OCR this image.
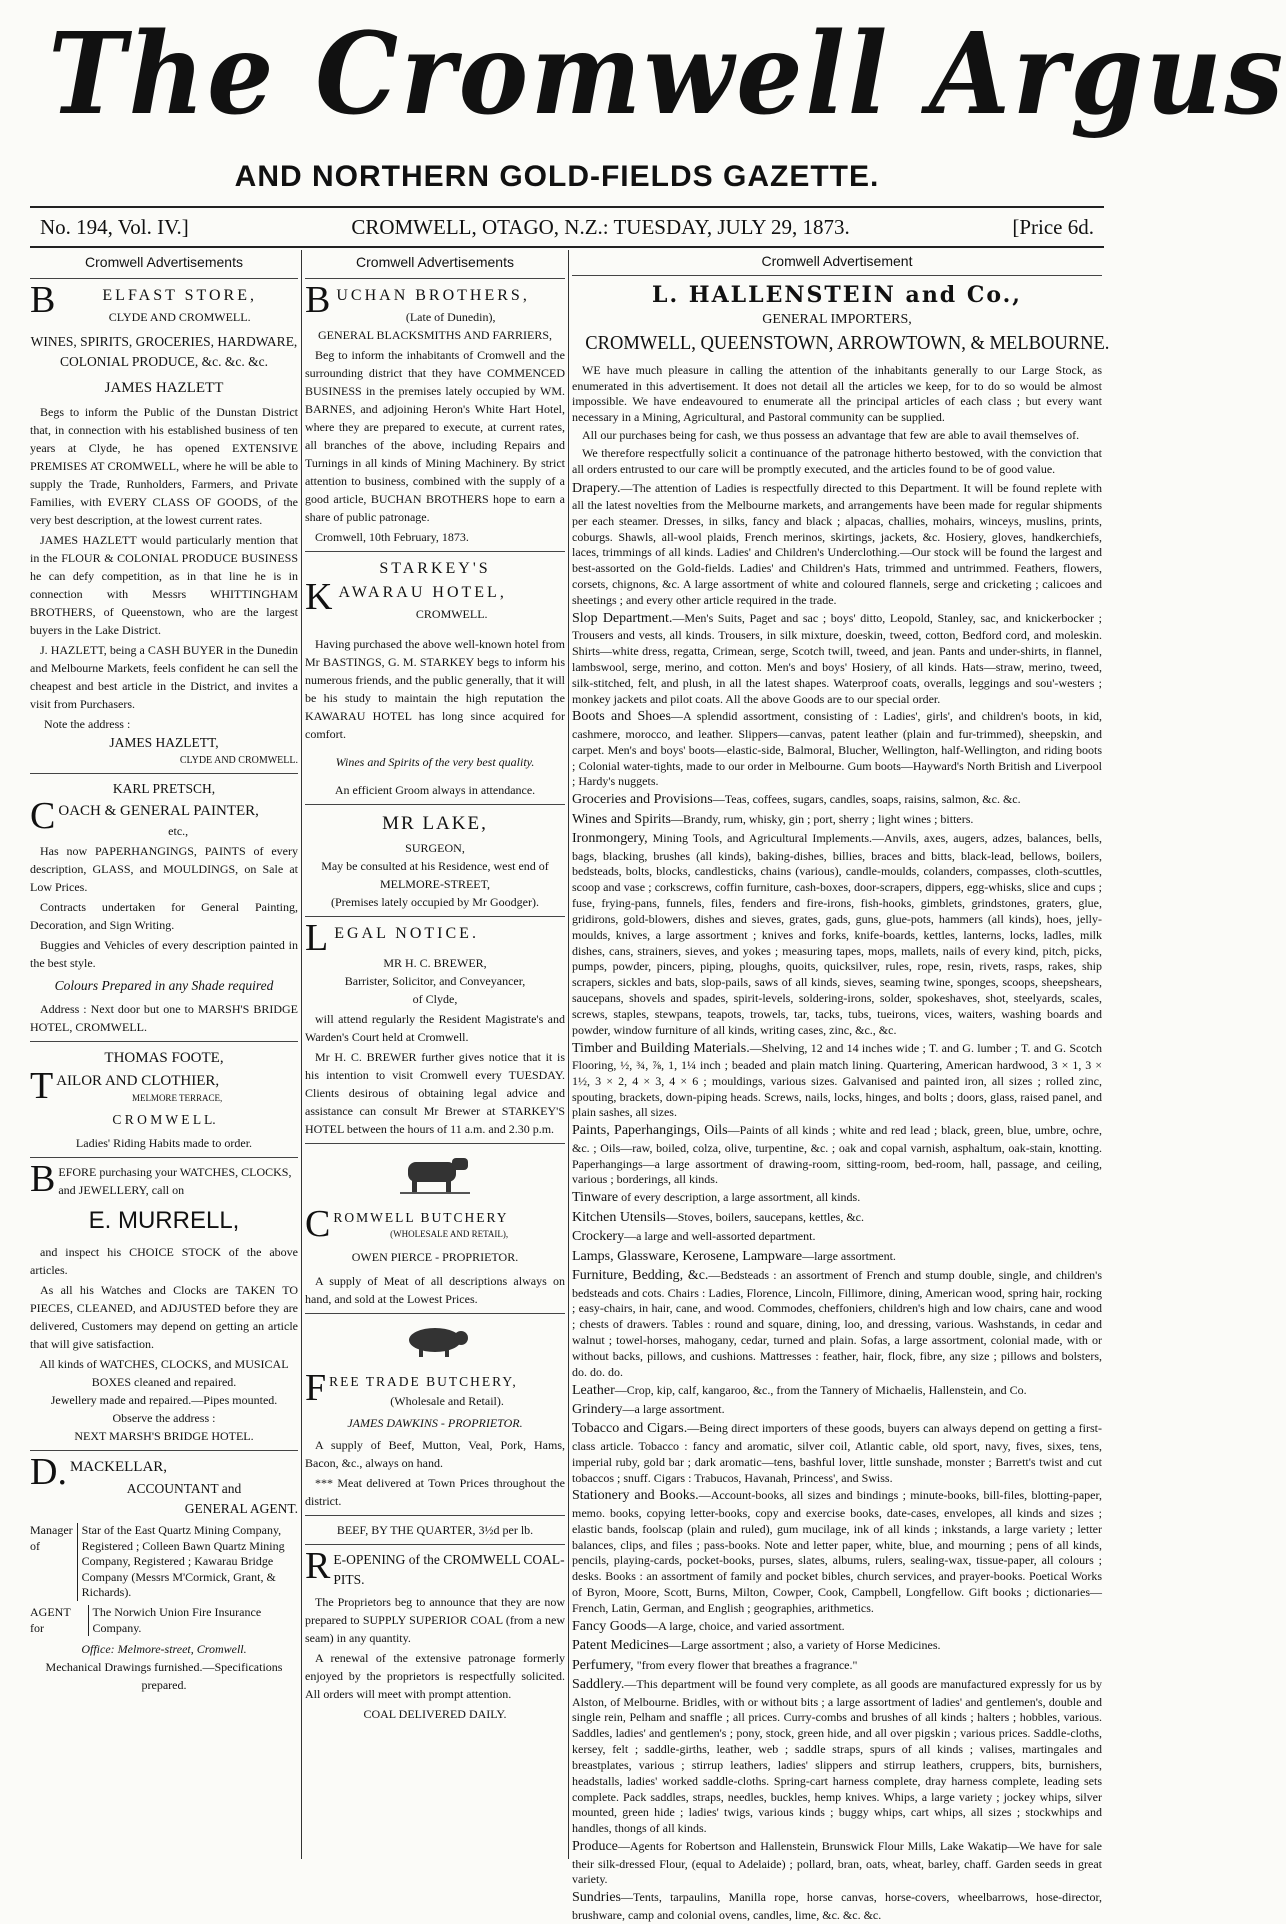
The Cromwell Argus
AND NORTHERN GOLD-FIELDS GAZETTE.
No. 194, Vol. IV.]	CROMWELL, OTAGO, N.Z.: TUESDAY, JULY 29, 1873.	[Price 6d.
Cromwell Advertisements
B	ELFAST STORE,
CLYDE AND CROMWELL.
WINES, SPIRITS, GROCERIES, HARDWARE, COLONIAL PRODUCE, &c. &c. &c.
JAMES HAZLETT

Begs to inform the Public of the Dunstan District that, in connection with his established business of ten years at Clyde, he has opened EXTENSIVE PREMISES AT CROMWELL, where he will be able to supply the Trade, Runholders, Farmers, and Private Families, with EVERY CLASS OF GOODS, of the very best description, at the lowest current rates.

JAMES HAZLETT would particularly mention that in the FLOUR & COLONIAL PRODUCE BUSINESS he can defy competition, as in that line he is in connection with Messrs WHITTINGHAM BROTHERS, of Queenstown, who are the largest buyers in the Lake District.

J. HAZLETT, being a CASH BUYER in the Dunedin and Melbourne Markets, feels confident he can sell the cheapest and best article in the District, and invites a visit from Purchasers.

Note the address :
JAMES HAZLETT,
CLYDE AND CROMWELL.
KARL PRETSCH,
COACH & GENERAL PAINTER,
etc.,

Has now PAPERHANGINGS, PAINTS of every description, GLASS, and MOULDINGS, on Sale at Low Prices.

Contracts undertaken for General Painting, Decoration, and Sign Writing.

Buggies and Vehicles of every description painted in the best style.

Colours Prepared in any Shade required

Address : Next door but one to MARSH'S BRIDGE HOTEL, CROMWELL.

THOMAS FOOTE,
TAILOR AND CLOTHIER,
MELMORE TERRACE,
C R O M W E L L.
Ladies' Riding Habits made to order.
BEFORE purchasing your WATCHES, CLOCKS, and JEWELLERY, call on
E. MURRELL,

and inspect his CHOICE STOCK of the above articles.

As all his Watches and Clocks are TAKEN TO PIECES, CLEANED, and ADJUSTED before they are delivered, Customers may depend on getting an article that will give satisfaction.

All kinds of WATCHES, CLOCKS, and MUSICAL BOXES cleaned and repaired.
Jewellery made and repaired.—Pipes mounted.
Observe the address :
NEXT MARSH'S BRIDGE HOTEL.
D. MACKELLAR,
ACCOUNTANT and
GENERAL AGENT.
Manager of
Star of the East Quartz Mining Company, Registered ; Colleen Bawn Quartz Mining Company, Registered ; Kawarau Bridge Company (Messrs M'Cormick, Grant, & Richards).
AGENT for
The Norwich Union Fire Insurance Company.
Office: Melmore-street, Cromwell.
Mechanical Drawings furnished.—Specifications prepared.
Cromwell Advertisements
BUCHAN BROTHERS,
(Late of Dunedin),
GENERAL BLACKSMITHS AND FARRIERS,

Beg to inform the inhabitants of Cromwell and the surrounding district that they have COMMENCED BUSINESS in the premises lately occupied by WM. BARNES, and adjoining Heron's White Hart Hotel, where they are prepared to execute, at current rates, all branches of the above, including Repairs and Turnings in all kinds of Mining Machinery. By strict attention to business, combined with the supply of a good article, BUCHAN BROTHERS hope to earn a share of public patronage.

Cromwell, 10th February, 1873.

STARKEY'S
KAWARAU HOTEL,
CROMWELL.

Having purchased the above well-known hotel from Mr BASTINGS, G. M. STARKEY begs to inform his numerous friends, and the public generally, that it will be his study to maintain the high reputation the KAWARAU HOTEL has long since acquired for comfort.

Wines and Spirits of the very best quality.
An efficient Groom always in attendance.
MR LAKE,
SURGEON,
May be consulted at his Residence, west end of
MELMORE-STREET,
(Premises lately occupied by Mr Goodger).
LEGAL NOTICE.
MR H. C. BREWER,
Barrister, Solicitor, and Conveyancer,
of Clyde,

will attend regularly the Resident Magistrate's and Warden's Court held at Cromwell.

Mr H. C. BREWER further gives notice that it is his intention to visit Cromwell every TUESDAY. Clients desirous of obtaining legal advice and assistance can consult Mr Brewer at STARKEY'S HOTEL between the hours of 11 a.m. and 2.30 p.m.

CROMWELL BUTCHERY
(WHOLESALE AND RETAIL),
OWEN PIERCE - PROPRIETOR.

A supply of Meat of all descriptions always on hand, and sold at the Lowest Prices.

FREE TRADE BUTCHERY,
(Wholesale and Retail).
JAMES DAWKINS - PROPRIETOR.

A supply of Beef, Mutton, Veal, Pork, Hams, Bacon, &c., always on hand.

*** Meat delivered at Town Prices throughout the district.

BEEF, BY THE QUARTER, 3½d per lb.
R E-OPENING of the CROMWELL COAL-PITS.

The Proprietors beg to announce that they are now prepared to SUPPLY SUPERIOR COAL (from a new seam) in any quantity.

A renewal of the extensive patronage formerly enjoyed by the proprietors is respectfully solicited. All orders will meet with prompt attention.

COAL DELIVERED DAILY.
Cromwell Advertisement
L. HALLENSTEIN and Co.,
GENERAL IMPORTERS,
CROMWELL, QUEENSTOWN, ARROWTOWN, & MELBOURNE.

WE have much pleasure in calling the attention of the inhabitants generally to our Large Stock, as enumerated in this advertisement. It does not detail all the articles we keep, for to do so would be almost impossible. We have endeavoured to enumerate all the principal articles of each class ; but every want necessary in a Mining, Agricultural, and Pastoral community can be supplied.

All our purchases being for cash, we thus possess an advantage that few are able to avail themselves of.

We therefore respectfully solicit a continuance of the patronage hitherto bestowed, with the conviction that all orders entrusted to our care will be promptly executed, and the articles found to be of good value.

Drapery.—The attention of Ladies is respectfully directed to this Department. It will be found replete with all the latest novelties from the Melbourne markets, and arrangements have been made for regular shipments per each steamer. Dresses, in silks, fancy and black ; alpacas, challies, mohairs, winceys, muslins, prints, coburgs. Shawls, all-wool plaids, French merinos, skirtings, jackets, &c. Hosiery, gloves, handkerchiefs, laces, trimmings of all kinds. Ladies' and Children's Underclothing.—Our stock will be found the largest and best-assorted on the Gold-fields. Ladies' and Children's Hats, trimmed and untrimmed. Feathers, flowers, corsets, chignons, &c. A large assortment of white and coloured flannels, serge and cricketing ; calicoes and sheetings ; and every other article required in the trade.
Slop Department.—Men's Suits, Paget and sac ; boys' ditto, Leopold, Stanley, sac, and knickerbocker ; Trousers and vests, all kinds. Trousers, in silk mixture, doeskin, tweed, cotton, Bedford cord, and moleskin. Shirts—white dress, regatta, Crimean, serge, Scotch twill, tweed, and jean. Pants and under-shirts, in flannel, lambswool, serge, merino, and cotton. Men's and boys' Hosiery, of all kinds. Hats—straw, merino, tweed, silk-stitched, felt, and plush, in all the latest shapes. Waterproof coats, overalls, leggings and sou'-westers ; monkey jackets and pilot coats. All the above Goods are to our special order.
Boots and Shoes—A splendid assortment, consisting of : Ladies', girls', and children's boots, in kid, cashmere, morocco, and leather. Slippers—canvas, patent leather (plain and fur-trimmed), sheepskin, and carpet. Men's and boys' boots—elastic-side, Balmoral, Blucher, Wellington, half-Wellington, and riding boots ; Colonial water-tights, made to our order in Melbourne. Gum boots—Hayward's North British and Liverpool ; Hardy's nuggets.
Groceries and Provisions—Teas, coffees, sugars, candles, soaps, raisins, salmon, &c. &c.
Wines and Spirits—Brandy, rum, whisky, gin ; port, sherry ; light wines ; bitters.
Ironmongery, Mining Tools, and Agricultural Implements.—Anvils, axes, augers, adzes, balances, bells, bags, blacking, brushes (all kinds), baking-dishes, billies, braces and bitts, black-lead, bellows, boilers, bedsteads, bolts, blocks, candlesticks, chains (various), candle-moulds, colanders, compasses, cloth-scuttles, scoop and vase ; corkscrews, coffin furniture, cash-boxes, door-scrapers, dippers, egg-whisks, slice and cups ; fuse, frying-pans, funnels, files, fenders and fire-irons, fish-hooks, gimblets, grindstones, graters, glue, gridirons, gold-blowers, dishes and sieves, grates, gads, guns, glue-pots, hammers (all kinds), hoes, jelly-moulds, knives, a large assortment ; knives and forks, knife-boards, kettles, lanterns, locks, ladles, milk dishes, cans, strainers, sieves, and yokes ; measuring tapes, mops, mallets, nails of every kind, pitch, picks, pumps, powder, pincers, piping, ploughs, quoits, quicksilver, rules, rope, resin, rivets, rasps, rakes, ship scrapers, sickles and bats, slop-pails, saws of all kinds, sieves, seaming twine, sponges, scoops, sheepshears, saucepans, shovels and spades, spirit-levels, soldering-irons, solder, spokeshaves, shot, steelyards, scales, screws, staples, stewpans, teapots, trowels, tar, tacks, tubs, tueirons, vices, waiters, washing boards and powder, window furniture of all kinds, writing cases, zinc, &c., &c.
Timber and Building Materials.—Shelving, 12 and 14 inches wide ; T. and G. lumber ; T. and G. Scotch Flooring, ½, ¾, ⅞, 1, 1¼ inch ; beaded and plain match lining. Quartering, American hardwood, 3 × 1, 3 × 1½, 3 × 2, 4 × 3, 4 × 6 ; mouldings, various sizes. Galvanised and painted iron, all sizes ; rolled zinc, spouting, brackets, down-piping heads. Screws, nails, locks, hinges, and bolts ; doors, glass, raised panel, and plain sashes, all sizes.
Paints, Paperhangings, Oils—Paints of all kinds ; white and red lead ; black, green, blue, umbre, ochre, &c. ; Oils—raw, boiled, colza, olive, turpentine, &c. ; oak and copal varnish, asphaltum, oak-stain, knotting. Paperhangings—a large assortment of drawing-room, sitting-room, bed-room, hall, passage, and ceiling, various ; borderings, all kinds.
Tinware of every description, a large assortment, all kinds.
Kitchen Utensils—Stoves, boilers, saucepans, kettles, &c.
Crockery—a large and well-assorted department.
Lamps, Glassware, Kerosene, Lampware—large assortment.
Furniture, Bedding, &c.—Bedsteads : an assortment of French and stump double, single, and children's bedsteads and cots. Chairs : Ladies, Florence, Lincoln, Fillimore, dining, American wood, spring hair, rocking ; easy-chairs, in hair, cane, and wood. Commodes, cheffoniers, children's high and low chairs, cane and wood ; chests of drawers. Tables : round and square, dining, loo, and dressing, various. Washstands, in cedar and walnut ; towel-horses, mahogany, cedar, turned and plain. Sofas, a large assortment, colonial made, with or without backs, pillows, and cushions. Mattresses : feather, hair, flock, fibre, any size ; pillows and bolsters, do. do. do.
Leather—Crop, kip, calf, kangaroo, &c., from the Tannery of Michaelis, Hallenstein, and Co.
Grindery—a large assortment.
Tobacco and Cigars.—Being direct importers of these goods, buyers can always depend on getting a first-class article. Tobacco : fancy and aromatic, silver coil, Atlantic cable, old sport, navy, fives, sixes, tens, imperial ruby, gold bar ; dark aromatic—tens, bashful lover, little sunshade, monster ; Barrett's twist and cut tobaccos ; snuff. Cigars : Trabucos, Havanah, Princess', and Swiss.
Stationery and Books.—Account-books, all sizes and bindings ; minute-books, bill-files, blotting-paper, memo. books, copying letter-books, copy and exercise books, date-cases, envelopes, all kinds and sizes ; elastic bands, foolscap (plain and ruled), gum mucilage, ink of all kinds ; inkstands, a large variety ; letter balances, clips, and files ; pass-books. Note and letter paper, white, blue, and mourning ; pens of all kinds, pencils, playing-cards, pocket-books, purses, slates, albums, rulers, sealing-wax, tissue-paper, all colours ; desks. Books : an assortment of family and pocket bibles, church services, and prayer-books. Poetical Works of Byron, Moore, Scott, Burns, Milton, Cowper, Cook, Campbell, Longfellow. Gift books ; dictionaries—French, Latin, German, and English ; geographies, arithmetics.
Fancy Goods—A large, choice, and varied assortment.
Patent Medicines—Large assortment ; also, a variety of Horse Medicines.
Perfumery, "from every flower that breathes a fragrance."
Saddlery.—This department will be found very complete, as all goods are manufactured expressly for us by Alston, of Melbourne. Bridles, with or without bits ; a large assortment of ladies' and gentlemen's, double and single rein, Pelham and snaffle ; all prices. Curry-combs and brushes of all kinds ; halters ; hobbles, various. Saddles, ladies' and gentlemen's ; pony, stock, green hide, and all over pigskin ; various prices. Saddle-cloths, kersey, felt ; saddle-girths, leather, web ; saddle straps, spurs of all kinds ; valises, martingales and breastplates, various ; stirrup leathers, ladies' slippers and stirrup leathers, cruppers, bits, burnishers, headstalls, ladies' worked saddle-cloths. Spring-cart harness complete, dray harness complete, leading sets complete. Pack saddles, straps, needles, buckles, hemp knives. Whips, a large variety ; jockey whips, silver mounted, green hide ; ladies' twigs, various kinds ; buggy whips, cart whips, all sizes ; stockwhips and handles, thongs of all kinds.
Produce—Agents for Robertson and Hallenstein, Brunswick Flour Mills, Lake Wakatip—We have for sale their silk-dressed Flour, (equal to Adelaide) ; pollard, bran, oats, wheat, barley, chaff. Garden seeds in great variety.
Sundries—Tents, tarpaulins, Manilla rope, horse canvas, horse-covers, wheelbarrows, hose-director, brushware, camp and colonial ovens, candles, lime, &c. &c. &c.
